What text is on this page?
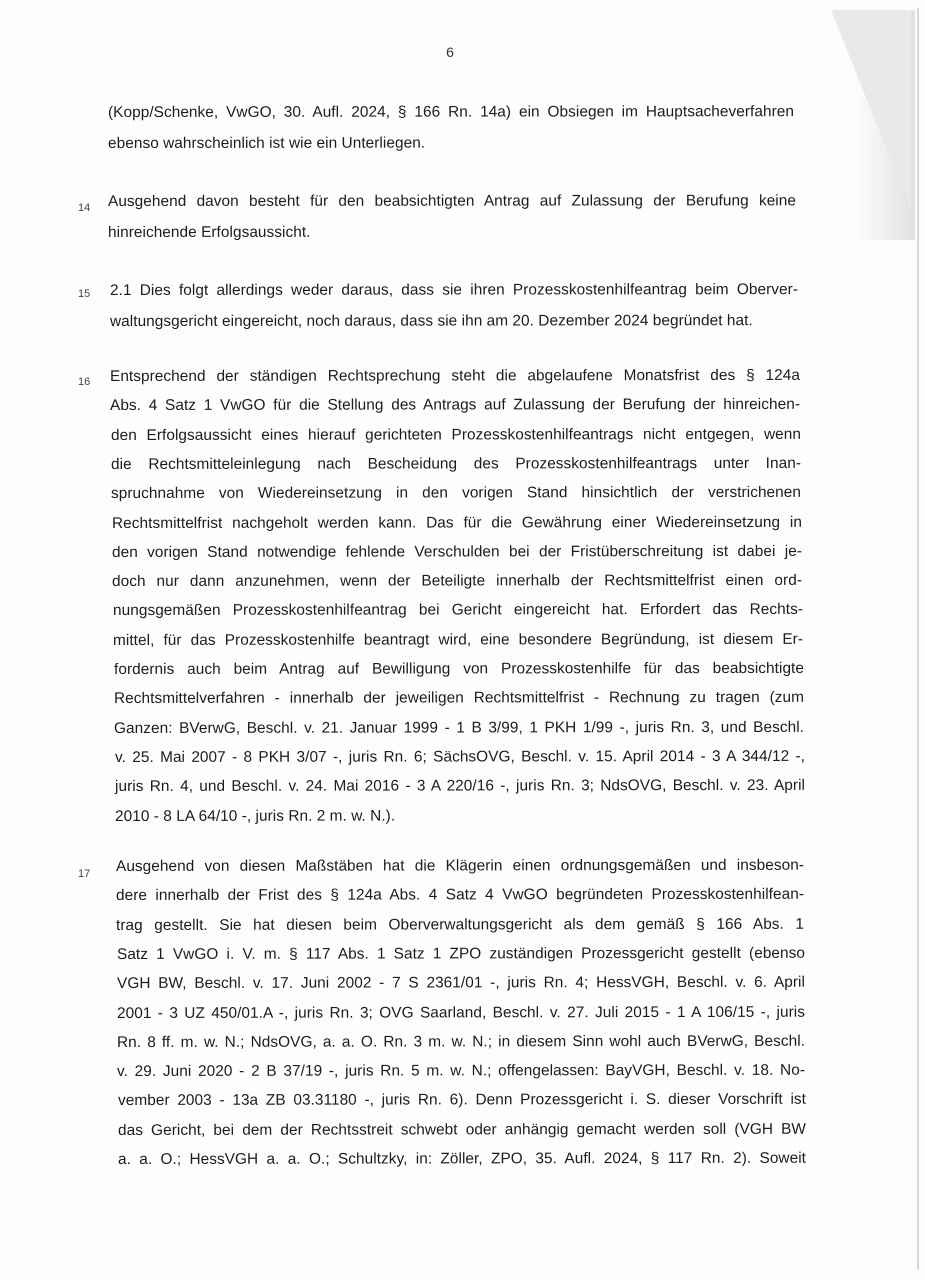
6
(Kopp/Schenke, VwGO, 30. Aufl. 2024, § 166 Rn. 14a) ein Obsiegen im Hauptsacheverfahren
ebenso wahrscheinlich ist wie ein Unterliegen.
14 Ausgehend davon besteht für den beabsichtigten Antrag auf Zulassung der Berufung keine
hinreichende Erfolgsaussicht.
15 2.1 Dies folgt allerdings weder daraus, dass sie ihren Prozesskostenhilfeantrag beim Oberver-
waltungsgericht eingereicht, noch daraus, dass sie ihn am 20. Dezember 2024 begründet hat.
16 Entsprechend der ständigen Rechtsprechung steht die abgelaufene Monatsfrist des § 124a
Abs. 4 Satz 1 VwGO für die Stellung des Antrags auf Zulassung der Berufung der hinreichen-
den Erfolgsaussicht eines hierauf gerichteten Prozesskostenhilfeantrags nicht entgegen, wenn
die Rechtsmitteleinlegung nach Bescheidung des Prozesskostenhilfeantrags unter Inan-
spruchnahme von Wiedereinsetzung in den vorigen Stand hinsichtlich der verstrichenen
Rechtsmittelfrist nachgeholt werden kann. Das für die Gewährung einer Wiedereinsetzung in
den vorigen Stand notwendige fehlende Verschulden bei der Fristüberschreitung ist dabei je-
doch nur dann anzunehmen, wenn der Beteiligte innerhalb der Rechtsmittelfrist einen ord-
nungsgemäßen Prozesskostenhilfeantrag bei Gericht eingereicht hat. Erfordert das Rechts-
mittel, für das Prozesskostenhilfe beantragt wird, eine besondere Begründung, ist diesem Er-
fordernis auch beim Antrag auf Bewilligung von Prozesskostenhilfe für das beabsichtigte
Rechtsmittelverfahren - innerhalb der jeweiligen Rechtsmittelfrist - Rechnung zu tragen (zum
Ganzen: BVerwG, Beschl. v. 21. Januar 1999 - 1 B 3/99, 1 PKH 1/99 -, juris Rn. 3, und Beschl.
v. 25. Mai 2007 - 8 PKH 3/07 -, juris Rn. 6; SächsOVG, Beschl. v. 15. April 2014 - 3 A 344/12 -,
juris Rn. 4, und Beschl. v. 24. Mai 2016 - 3 A 220/16 -, juris Rn. 3; NdsOVG, Beschl. v. 23. April
2010 - 8 LA 64/10 -, juris Rn. 2 m. w. N.).
17 Ausgehend von diesen Maßstäben hat die Klägerin einen ordnungsgemäßen und insbeson-
dere innerhalb der Frist des § 124a Abs. 4 Satz 4 VwGO begründeten Prozesskostenhilfean-
trag gestellt. Sie hat diesen beim Oberverwaltungsgericht als dem gemäß § 166 Abs. 1
Satz 1 VwGO i. V. m. § 117 Abs. 1 Satz 1 ZPO zuständigen Prozessgericht gestellt (ebenso
VGH BW, Beschl. v. 17. Juni 2002 - 7 S 2361/01 -, juris Rn. 4; HessVGH, Beschl. v. 6. April
2001 - 3 UZ 450/01.A -, juris Rn. 3; OVG Saarland, Beschl. v. 27. Juli 2015 - 1 A 106/15 -, juris
Rn. 8 ff. m. w. N.; NdsOVG, a. a. O. Rn. 3 m. w. N.; in diesem Sinn wohl auch BVerwG, Beschl.
v. 29. Juni 2020 - 2 B 37/19 -, juris Rn. 5 m. w. N.; offengelassen: BayVGH, Beschl. v. 18. No-
vember 2003 - 13a ZB 03.31180 -, juris Rn. 6). Denn Prozessgericht i. S. dieser Vorschrift ist
das Gericht, bei dem der Rechtsstreit schwebt oder anhängig gemacht werden soll (VGH BW
a. a. O.; HessVGH a. a. O.; Schultzky, in: Zöller, ZPO, 35. Aufl. 2024, § 117 Rn. 2). Soweit
